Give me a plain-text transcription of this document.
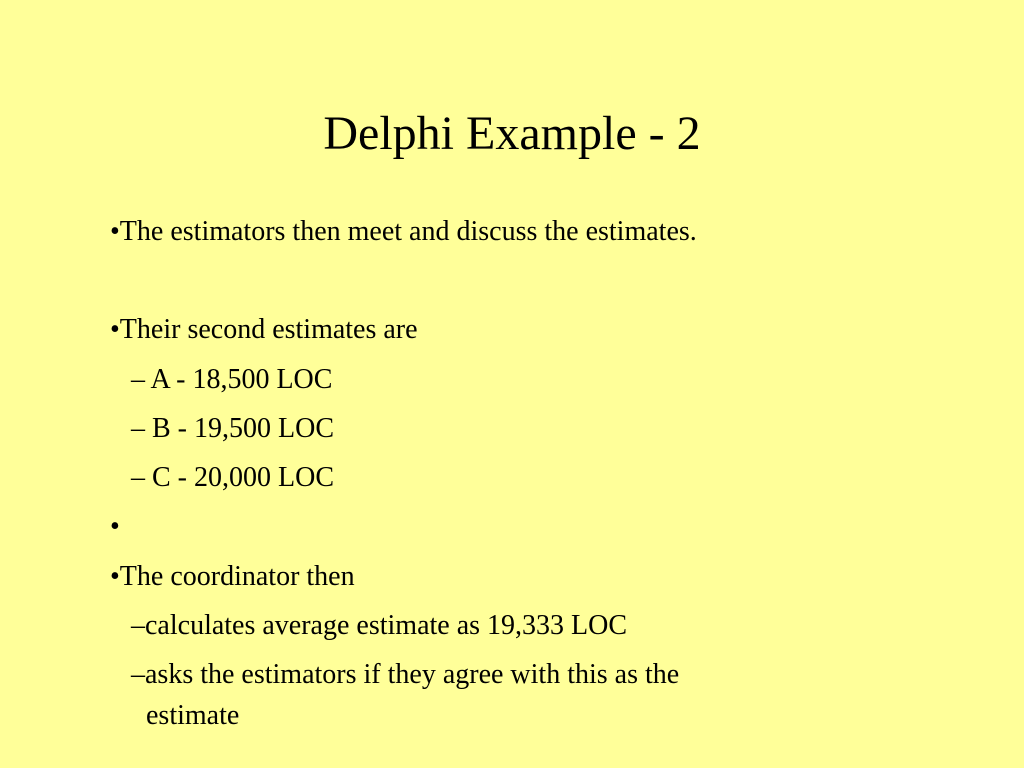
Delphi Example - 2
•The estimators then meet and discuss the estimates.
•Their second estimates are
– A - 18,500 LOC
– B - 19,500 LOC
– C - 20,000 LOC
•
•The coordinator then
–calculates average estimate as 19,333 LOC
–asks the estimators if they agree with this as the
estimate
